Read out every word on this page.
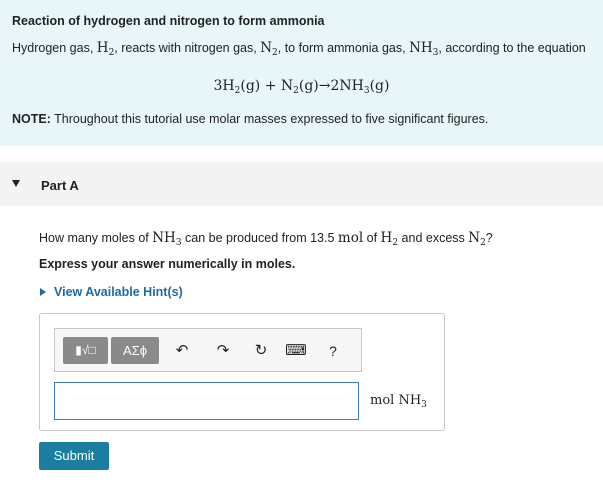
Reaction of hydrogen and nitrogen to form ammonia

Hydrogen gas, $H_2$, reacts with nitrogen gas, $N_2$, to form ammonia gas, $NH_3$, according to the equation

$3H_2(g) + N_2(g)\to 2NH_3(g)$
NOTE: Throughout this tutorial use molar masses expressed to five significant figures.
Part A
How many moles of $NH_3$ can be produced from 13.5 mol of $H_2$ and excess $N_2$?
Express your answer numerically in moles.
View Available Hint(s)
▮√□	ΑΣϕ	↶ ↷ ↻ ⌨	?
mol $NH_3$
Submit
